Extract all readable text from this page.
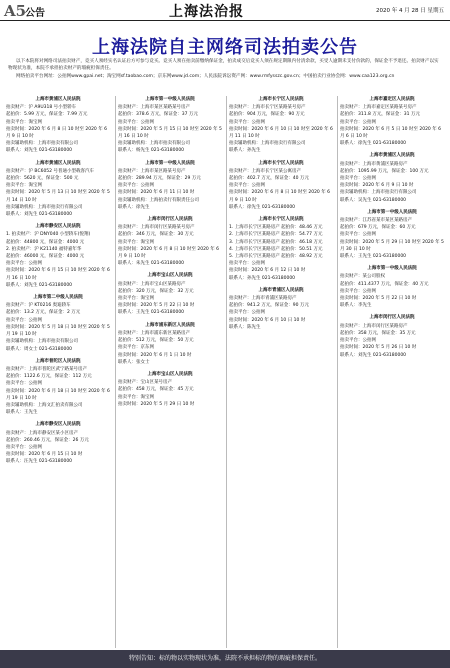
A5
公告	上海法治报	2020 年 4 月 28 日 星期五
上海法院自主网络司法拍卖公告
以下本院将对网络司法拍卖财产，竞买人须经实名认证后方可参与竞买。竞买人须在拍卖前缴纳保证金，拍卖成交后竞买人须在规定期限内付清余款，买受人逾期未支付价款的，保证金不予退还。拍卖财产以实物现状为准，本院不承担拍卖财产的瑕疵担保责任。
网络拍卖平台网址：公拍网www.gpai.net；淘宝网sf.taobao.com；京东网www.jd.com；人民法院诉讼资产网：www.rmfysszc.gov.cn；中国拍卖行业协会网：www.caa123.org.cn
上海市黄浦区人民法院
拍卖财产：沪 A9U318 号小型轿车
起拍价：5.99 万元，保证金：7.99 万元
拍卖平台：淘宝网
拍卖时间：2020 年 6 月 8 日 10 时至 2020 年 6 月 9 日 10 时
拍卖辅助机构：上海市拍卖有限公司
联系人：刘先生 021-63180000
上海市黄浦区人民法院
拍卖财产：沪 BC6052 号普通小型载客汽车
起拍价：5620 元，保证金：500 元
拍卖平台：淘宝网
拍卖时间：2020 年 5 月 13 日 10 时至 2020 年 5 月 14 日 10 时
拍卖辅助机构：上海市拍卖行有限公司
联系人：刘先生 021-63180000
上海市静安区人民法院
1. 拍卖财产：沪 DNY040 小型轿车(悦翔)
起拍价：44800 元，保证金：4000 元
2. 拍卖财产：沪 K21140 福特嘉年华
起拍价：46000 元，保证金：4000 元
拍卖平台：公拍网
拍卖时间：2020 年 6 月 15 日 10 时至 2020 年 6 月 16 日 10 时
联系人：刘先生 021-63180000
上海市第二中级人民法院
拍卖财产：沪 KT0216 奥迪轿车
起拍价：13.2 万元，保证金：2 万元
拍卖平台：公拍网
拍卖时间：2020 年 5 月 18 日 10 时至 2020 年 5 月 19 日 10 时
拍卖辅助机构：上海市拍卖有限公司
联系人：周女士 021-63180000
上海市普陀区人民法院
拍卖财产：上海市普陀区武宁路某号房产
起拍价：1122.6 万元，保证金：112 万元
拍卖平台：公拍网
拍卖时间：2020 年 6 月 18 日 10 时至 2020 年 6 月 19 日 10 时
拍卖辅助机构：上海文汇拍卖有限公司
联系人：王先生
上海市静安区人民法院
拍卖财产：上海市静安区某小区房产
起拍价：260.46 万元，保证金：26 万元
拍卖平台：公拍网
拍卖时间：2020 年 6 月 15 日 10 时
联系人：汪先生 021-63180000
上海市第一中级人民法院
拍卖财产：上海市某区某路某号房产
起拍价：378.6 万元，保证金：37 万元
拍卖平台：公拍网
拍卖时间：2020 年 5 月 15 日 10 时至 2020 年 5 月 16 日 10 时
拍卖辅助机构：上海市拍卖有限公司
联系人：杨先生 021-63180000
上海市第一中级人民法院
拍卖财产：上海市某区路某号房产
起拍价：289.94 万元，保证金：29 万元
拍卖平台：公拍网
拍卖时间：2020 年 6 月 11 日 10 时
拍卖辅助机构：上海拍卖行有限责任公司
联系人：徐先生
上海市闵行区人民法院
拍卖财产：上海市闵行区某路某号房产
起拍价：346 万元，保证金：30 万元
拍卖平台：淘宝网
拍卖时间：2020 年 6 月 8 日 10 时至 2020 年 6 月 9 日 10 时
联系人：朱先生 021-63180000
上海市宝山区人民法院
拍卖财产：上海市宝山区某路房产
起拍价：320 万元，保证金：32 万元
拍卖平台：淘宝网
拍卖时间：2020 年 5 月 22 日 10 时
联系人：王先生 021-63180000
上海市浦东新区人民法院
拍卖财产：上海市浦东新区某路房产
起拍价：512 万元，保证金：50 万元
拍卖平台：京东网
拍卖时间：2020 年 6 月 1 日 10 时
联系人：张女士
上海市宝山区人民法院
拍卖财产：宝山区某号房产
起拍价：458 万元，保证金：45 万元
拍卖平台：淘宝网
拍卖时间：2020 年 5 月 29 日 10 时
上海市长宁区人民法院
拍卖财产：上海市长宁区某路某号房产
起拍价：904 万元，保证金：90 万元
拍卖平台：公拍网
拍卖时间：2020 年 6 月 10 日 10 时至 2020 年 6 月 11 日 10 时
拍卖辅助机构：上海市拍卖行有限公司
联系人：孙先生
上海市长宁区人民法院
拍卖财产：上海市长宁区某公寓房产
起拍价：402.7 万元，保证金：40 万元
拍卖平台：公拍网
拍卖时间：2020 年 6 月 8 日 10 时至 2020 年 6 月 9 日 10 时
联系人：徐先生 021-63180000
上海市长宁区人民法院
1. 上海市长宁区某路房产 起拍价：48.46 万元
2. 上海市长宁区某路房产 起拍价：54.77 万元
3. 上海市长宁区某路房产 起拍价：46.18 万元
4. 上海市长宁区某路房产 起拍价：50.51 万元
5. 上海市长宁区某路房产 起拍价：48.92 万元
拍卖平台：公拍网
拍卖时间：2020 年 6 月 12 日 10 时
联系人：孙先生 021-63180000
上海市青浦区人民法院
拍卖财产：上海市青浦区某路房产
起拍价：941.2 万元，保证金：90 万元
拍卖平台：公拍网
拍卖时间：2020 年 6 月 10 日 10 时
联系人：陈先生
上海市嘉定区人民法院
拍卖财产：上海市嘉定区某路某号房产
起拍价：311.8 万元，保证金：31 万元
拍卖平台：公拍网
拍卖时间：2020 年 6 月 5 日 10 时至 2020 年 6 月 6 日 10 时
联系人：徐先生 021-63180000
上海市黄浦区人民法院
拍卖财产：上海市黄浦区某路房产
起拍价：1095.99 万元，保证金：100 万元
拍卖平台：公拍网
拍卖时间：2020 年 6 月 9 日 10 时
拍卖辅助机构：上海市拍卖行有限公司
联系人：吴先生 021-63180000
上海市第一中级人民法院
拍卖财产：江苏省某市某区某路房产
起拍价：679 万元，保证金：60 万元
拍卖平台：公拍网
拍卖时间：2020 年 5 月 29 日 10 时至 2020 年 5 月 30 日 10 时
联系人：王先生 021-63180000
上海市第一中级人民法院
拍卖财产：某公司股权
起拍价：411.4377 万元，保证金：40 万元
拍卖平台：公拍网
拍卖时间：2020 年 5 月 22 日 10 时
联系人：李先生
上海市闵行区人民法院
拍卖财产：上海市闵行区某路房产
起拍价：358 万元，保证金：35 万元
拍卖平台：公拍网
拍卖时间：2020 年 5 月 26 日 10 时
联系人：刘先生 021-63180000
特别告知：标的物以实物现状为准，法院不承担标的物的瑕疵担保责任。
